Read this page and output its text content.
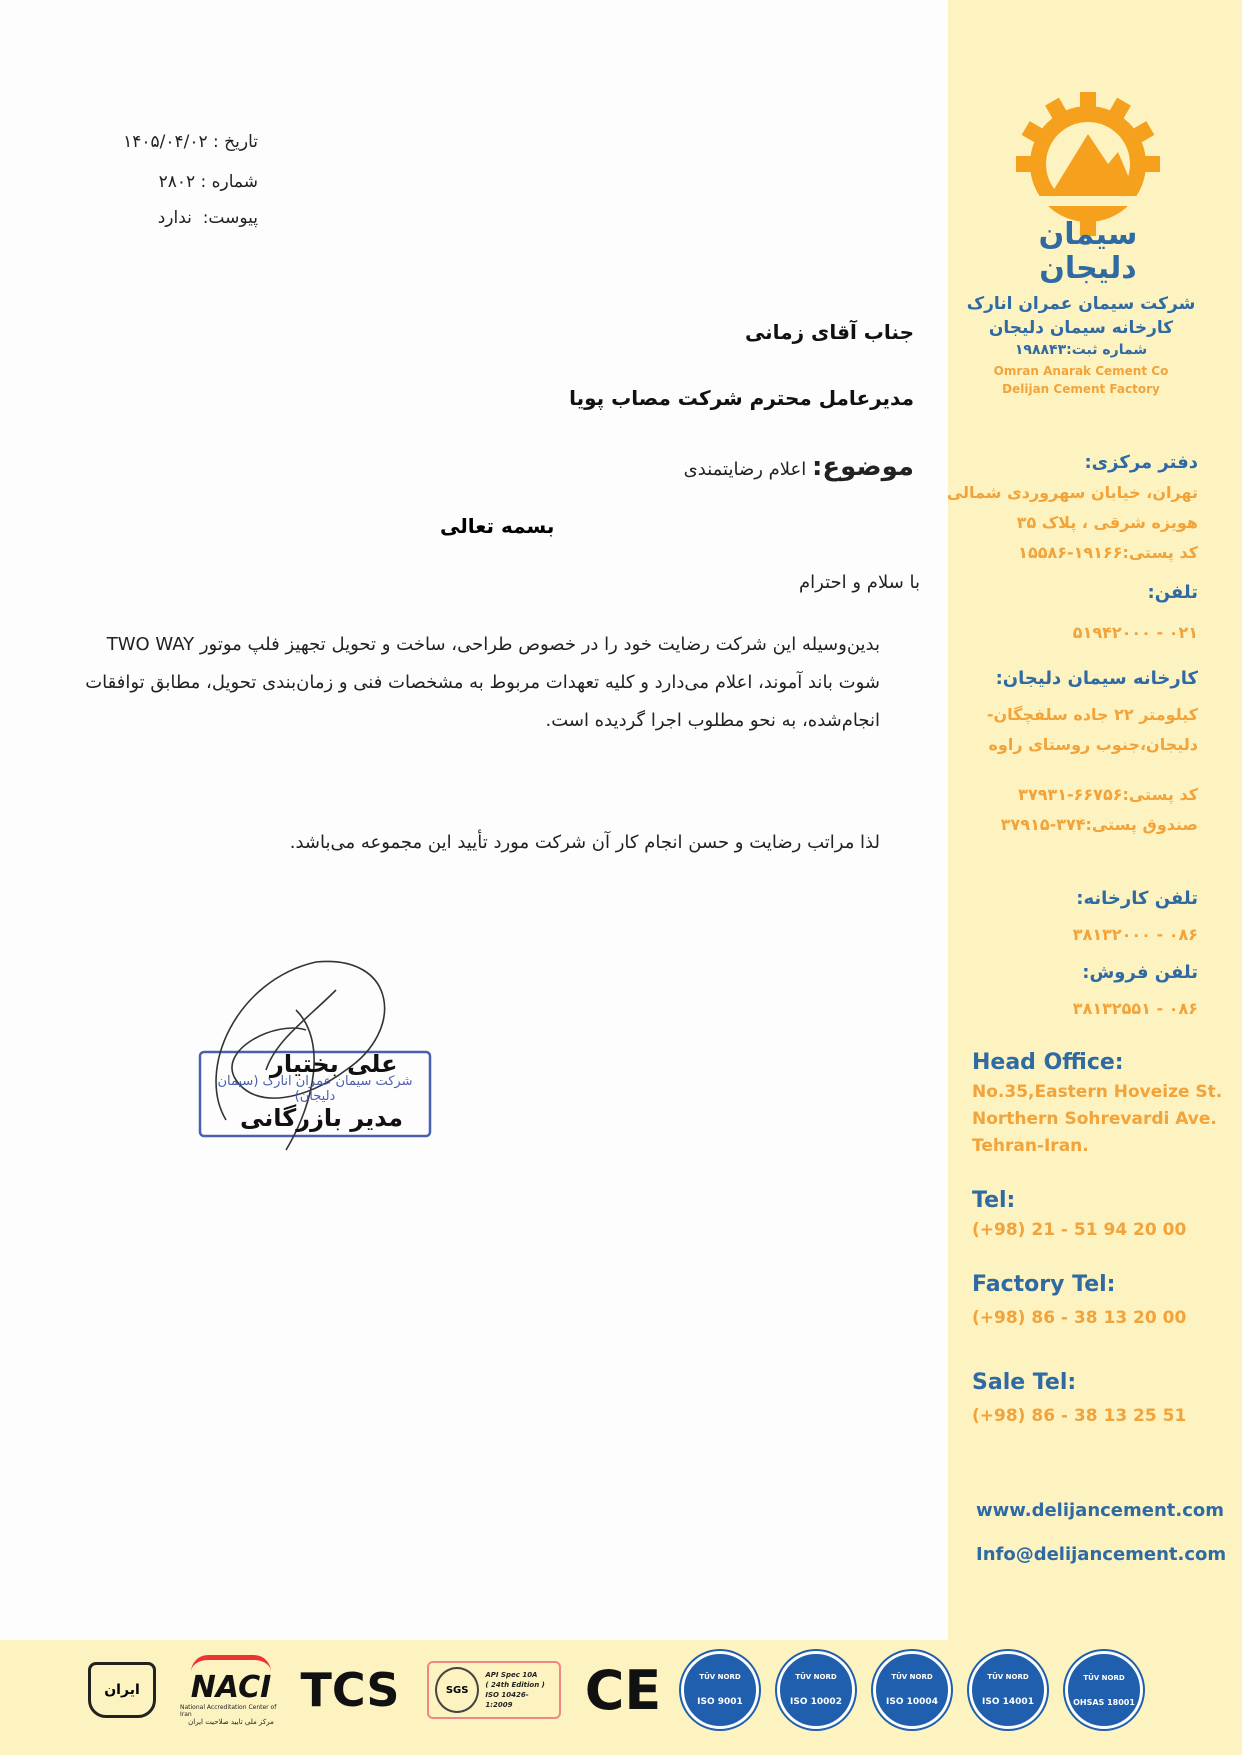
تاریخ : ۱۴۰۵/۰۴/۰۲
شماره : ۲۸۰۲
پیوست:  ندارد
جناب آقای زمانی
مدیرعامل محترم شرکت مصاب پویا
موضوع: اعلام رضایتمندی
بسمه تعالی
با سلام و احترام
بدین‌وسیله این شرکت رضایت خود را در خصوص طراحی، ساخت و تحویل تجهیز فلپ موتور TWO WAY
شوت باند آموند، اعلام می‌دارد و کلیه تعهدات مربوط به مشخصات فنی و زمان‌بندی تحویل، مطابق توافقات
انجام‌شده، به نحو مطلوب اجرا گردیده است.
لذا مراتب رضایت و حسن انجام کار آن شرکت مورد تأیید این مجموعه می‌باشد.
شرکت سیمان عمران انارک (سیمان دلیجان)
علی بختیار
مدیر بازرگانی
سیمان
دلیجان
شرکت سیمان عمران انارک
کارخانه سیمان دلیجان
شماره ثبت:۱۹۸۸۴۳
Omran Anarak Cement Co
Delijan Cement Factory
دفتر مرکزی:
تهران، خیابان سهروردی شمالی
هویزه شرقی ، پلاک ۳۵
کد پستی:۱۹۱۶۶-۱۵۵۸۶
تلفن:
۰۲۱ - ۵۱۹۴۲۰۰۰
کارخانه سیمان دلیجان:
کیلومتر ۲۲ جاده سلفچگان-
دلیجان،جنوب روستای راوه
کد پستی:۶۶۷۵۶-۳۷۹۳۱
صندوق پستی:۳۷۴-۳۷۹۱۵
تلفن کارخانه:
۰۸۶ - ۳۸۱۳۲۰۰۰
تلفن فروش:
۰۸۶ - ۳۸۱۳۲۵۵۱
Head Office:
No.35,Eastern Hoveize St.
Northern Sohrevardi Ave.
Tehran-Iran.
Tel:
(+98) 21 - 51 94 20 00
Factory Tel:
(+98) 86 - 38 13 20 00
Sale Tel:
(+98) 86 - 38 13 25 51
www.delijancement.com
Info@delijancement.com
ایران	NACI
National Accreditation Center of Iran
مرکز ملی تایید صلاحیت ایران
TCS	SGS
API Spec 10A
( 24th Edition )
ISO 10426-1:2009	CE	TÜV NORD
ISO 9001
TÜV NORD
ISO 10002
TÜV NORD
ISO 10004
TÜV NORD
ISO 14001
TÜV NORD
OHSAS 18001
